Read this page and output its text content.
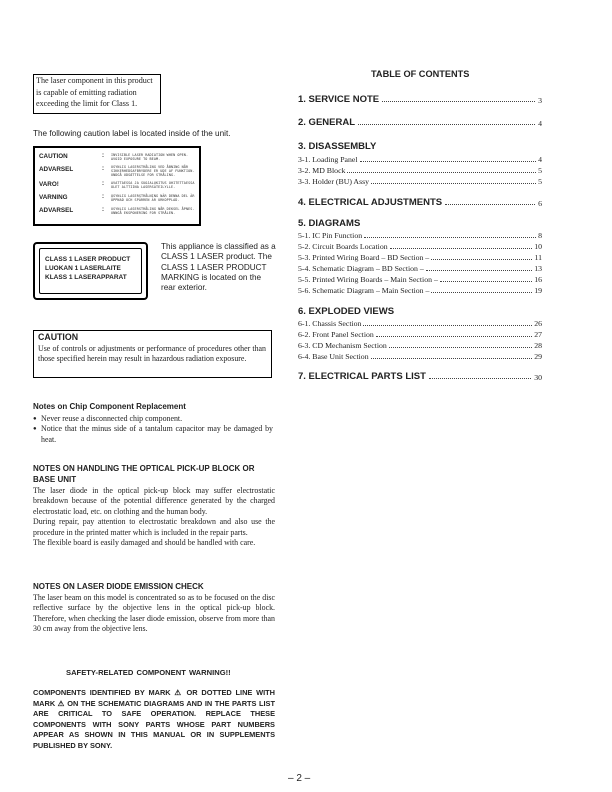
The laser component in this product is capable of emitting radiation exceeding the limit for Class 1.
The following caution label is located inside of the unit.
CAUTION	: INVISIBLE LASER RADIATION WHEN OPEN. AVOID EXPOSURE TO BEAM.
ADVARSEL	: USYNLIG LASERSTRÅLING VED ÅBNING NÅR SIKKERHEDSAFBRYDERE ER UDE AF FUNKTION. UNDGÅ UDSÆTTELSE FOR STRÅLING.
VARO!	: AVATTAESSA JA SUOJALUKITUS OHITETTAESSA OLET ALTTIINA LASERSÄTEILYLLE.
VARNING	: OSYNLIG LASERSTRÅLNING NÄR DENNA DEL ÄR ÖPPNAD OCH SPÄRREN ÄR URKOPPLAD.
ADVARSEL	: USYNLIG LASERSTRÅLING NÅR DEKSEL ÅPNES. UNNGÅ EKSPONERING FOR STRÅLEN.
CLASS 1 LASER PRODUCT
LUOKAN 1 LASERLAITE
KLASS 1 LASERAPPARAT
This appliance is classified as a CLASS 1 LASER product. The CLASS 1 LASER PRODUCT MARKING is located on the rear exterior.
CAUTION
Use of controls or adjustments or performance of procedures other than those specified herein may result in hazardous radiation exposure.
Notes on Chip Component Replacement
● Never reuse a disconnected chip component.
● Notice that the minus side of a tantalum capacitor may be damaged by heat.
NOTES ON HANDLING THE OPTICAL PICK-UP BLOCK OR BASE UNIT
The laser diode in the optical pick-up block may suffer electrostatic breakdown because of the potential difference generated by the charged electrostatic load, etc. on clothing and the human body.
During repair, pay attention to electrostatic breakdown and also use the procedure in the printed matter which is included in the repair parts.
The flexible board is easily damaged and should be handled with care.
NOTES ON LASER DIODE EMISSION CHECK
The laser beam on this model is concentrated so as to be focused on the disc reflective surface by the objective lens in the optical pick-up block. Therefore, when checking the laser diode emission, observe from more than 30 cm away from the objective lens.
SAFETY-RELATED COMPONENT WARNING!!
COMPONENTS IDENTIFIED BY MARK ⚠ OR DOTTED LINE WITH MARK ⚠ ON THE SCHEMATIC DIAGRAMS AND IN THE PARTS LIST ARE CRITICAL TO SAFE OPERATION. REPLACE THESE COMPONENTS WITH SONY PARTS WHOSE PART NUMBERS APPEAR AS SHOWN IN THIS MANUAL OR IN SUPPLEMENTS PUBLISHED BY SONY.
– 2 –
TABLE OF CONTENTS
1. SERVICE NOTE	3
2. GENERAL	4
3. DISASSEMBLY
3-1. Loading Panel	4
3-2. MD Block	5
3-3. Holder (BU) Assy	5
4. ELECTRICAL ADJUSTMENTS	6
5. DIAGRAMS
5-1. IC Pin Function	8
5-2. Circuit Boards Location	10
5-3. Printed Wiring Board – BD Section –	11
5-4. Schematic Diagram – BD Section –	13
5-5. Printed Wiring Boards – Main Section –	16
5-6. Schematic Diagram – Main Section –	19
6. EXPLODED VIEWS
6-1. Chassis Section	26
6-2. Front Panel Section	27
6-3. CD Mechanism Section	28
6-4. Base Unit Section	29
7. ELECTRICAL PARTS LIST	30
